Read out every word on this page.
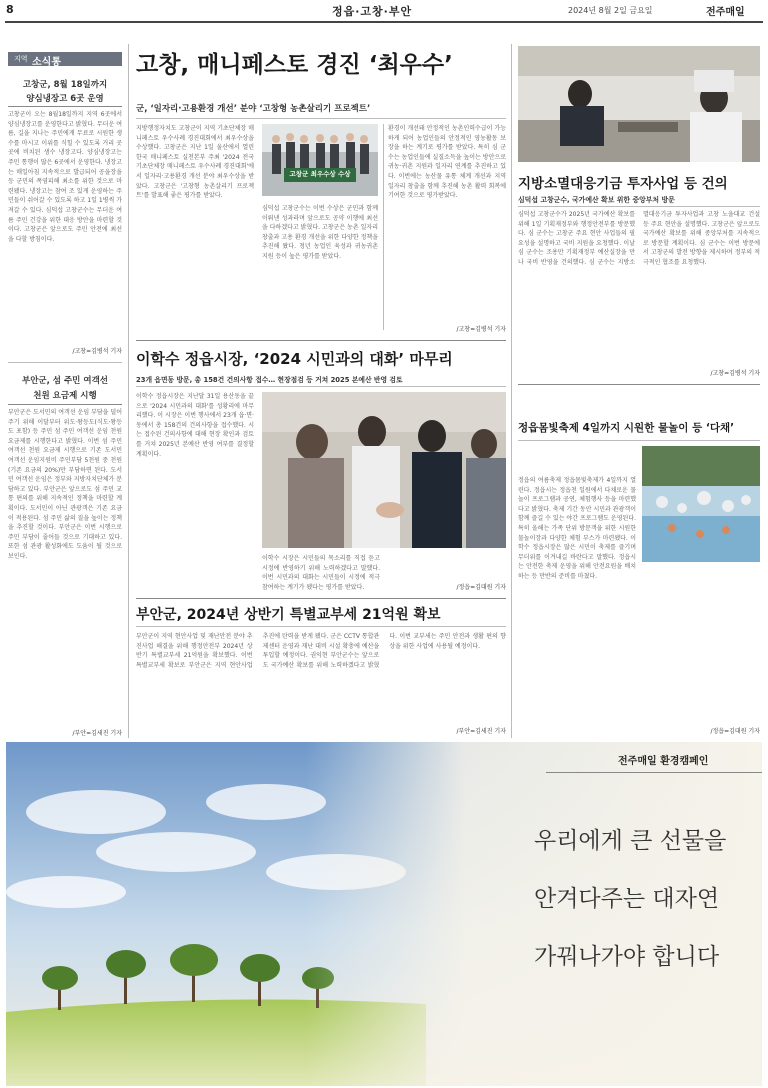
8	정읍·고창·부안	2024년 8월 2일 금요일	전주매일
지역 소식통
고창군, 8월 18일까지
양심냉장고 6곳 운영
고창군이 오는 8월18일까지 지역 6곳에서 양심냉장고를 운영한다고 밝혔다. 무더운 여름, 길을 지나는 주민에게 무료로 시원한 생수를 마시고 이위를 식힐 수 있도록 거리 곳곳에 비치된 생수 냉장고다. 양심냉장고는 주민 통행이 많은 6곳에서 운영한다. 냉장고는 매일아침 지속적으로 발급되어 공을장을 등 군민의 폭염피해 최소를 위한 것으로 마련됐다. 냉장고는 참여 조 있게 운영하는 주민들이 쉬어갈 수 있도록 하고 1일 1병씩 가져갈 수 있다. 심덕섭 고창군수는 무더운 여름 주민 건강을 위한 대응 방안을 마련할 것이다. 고창군은 앞으로도 주민 안전에 최선을 다할 방침이다.
/고창=김병석 기자
부안군, 섬 주민 여객선
천원 요금제 시행
부안군은 도서민의 여객선 운임 부담을 덜어주기 위해 이달부터 위도·왕등도(식도·왕등도 포함) 등 주민 섬 주민 여객선 운임 천원요금제를 시행한다고 밝혔다. 이번 섬 주민 여객선 천원 요금제 시행으로 기존 도서민 여객선 운임지원비 주민부담 5천원 중 천원(기존 요금의 20%)만 부담하면 된다. 도서민 여객선 운임은 정부와 지방자치단체가 분담하고 있다. 부안군은 앞으로도 섬 주민 교통 편의를 위해 지속적인 정책을 마련할 계획이다. 도서민이 아닌 관광객은 기존 요금이 적용된다. 섬 주민 삶의 질을 높이는 정책을 추진할 것이다. 부안군은 이번 시행으로 주민 부담이 줄어들 것으로 기대하고 있다. 또한 섬 관광 활성화에도 도움이 될 것으로 보인다.
/부안=김세진 기자
고창, 매니페스토 경진 ‘최우수’
군, ‘일자리·고용환경 개선’ 분야 ‘고창형 농촌살리기 프로젝트’
지방행정자치도 고창군이 지역 기초단체장 매니페스토 우수사례 경진대회에서 최우수상을 수상했다. 고창군은 지난 1일 울산에서 열린 한국 매니페스토 실천본부 주최 '2024 전국 기초단체장 매니페스토 우수사례 경진대회'에서 일자리·고용환경 개선 분야 최우수상을 받았다. 고창군은 '고창형 농촌살리기 프로젝트'를 발표해 좋은 평가를 받았다.
고창군 최우수상 수상
심덕섭 고창군수는 이번 수상은 군민과 함께 이뤄낸 성과라며 앞으로도 공약 이행에 최선을 다하겠다고 밝혔다. 고창군은 농촌 일자리 창출과 고용 환경 개선을 위한 다양한 정책을 추진해 왔다. 청년 농업인 육성과 귀농귀촌 지원 등이 높은 평가를 받았다.
환경이 개선돼 안정적인 농촌인력수급이 가능하게 되어 농업인들의 안정적인 영농활동 보장을 하는 계기로 평가를 받았다. 특히 심 군수는 농업인들에 실질소득을 높이는 방안으로 귀농·귀촌 지원과 일자리 연계를 추진하고 있다. 이번에는 농산물 유통 체계 개선과 지역 일자리 창출을 함께 추진해 농촌 활력 회복에 기여한 것으로 평가받았다.
/고창=김병석 기자
이학수 정읍시장, ‘2024 시민과의 대화’ 마무리
23개 읍면동 방문, 총 158건 건의사항 접수… 현장점검 등 거쳐 2025 본예산 반영 검토
이학수 정읍시장은 지난달 31일 용산동을 끝으로 '2024 시민과의 대화'를 성황리에 마무리했다. 이 시장은 이번 행사에서 23개 읍·면·동에서 총 158건의 건의사항을 접수했다. 시는 접수된 건의사항에 대해 현장 확인과 검토를 거쳐 2025년 본예산 반영 여부를 결정할 계획이다.
이학수 시장은 시민들의 목소리를 직접 듣고 시정에 반영하기 위해 노력하겠다고 말했다. 이번 시민과의 대화는 시민들이 시정에 적극 참여하는 계기가 됐다는 평가를 받았다.	/정읍=김대원 기자
부안군, 2024년 상반기 특별교부세 21억원 확보
부안군이 지역 현안사업 및 재난안전 분야 추진사업 해결을 위해 행정안전부 2024년 상반기 특별교부세 21억원을 확보했다. 이번 특별교부세 확보로 부안군은 지역 현안사업 추진에 탄력을 받게 됐다. 군은 CCTV 통합관제센터 운영과 재난 대비 시설 확충에 예산을 투입할 예정이다. 권익현 부안군수는 앞으로도 국가예산 확보를 위해 노력하겠다고 밝혔다. 이번 교부세는 주민 안전과 생활 편의 향상을 위한 사업에 사용될 예정이다.
/부안=김세진 기자
지방소멸대응기금 투자사업 등 건의
심덕섭 고창군수, 국가예산 확보 위한 중앙부처 방문
심덕섭 고창군수가 2025년 국가예산 확보를 위해 1일 기획재정부와 행정안전부를 방문했다. 심 군수는 고창군 주요 현안 사업들의 필요성을 설명하고 국비 지원을 요청했다. 이날 심 군수는 조용만 기획재정부 예산실장을 만나 국비 반영을 건의했다. 심 군수는 지방소멸대응기금 투자사업과 고창 노을대교 건설 등 주요 현안을 설명했다. 고창군은 앞으로도 국가예산 확보를 위해 중앙부처를 지속적으로 방문할 계획이다. 심 군수는 이번 방문에서 고창군의 발전 방향을 제시하며 정부의 적극적인 협조를 요청했다.
/고창=김병석 기자
정읍몸빛축제 4일까지 시원한 물놀이 등 ‘다채’
정읍의 여름축제 정읍몸빛축제가 4일까지 열린다. 정읍시는 정읍천 일원에서 다채로운 물놀이 프로그램과 공연, 체험행사 등을 마련했다고 밝혔다. 축제 기간 동안 시민과 관광객이 함께 즐길 수 있는 야간 프로그램도 운영된다. 특히 올해는 가족 단위 방문객을 위한 시원한 물놀이장과 다양한 체험 부스가 마련됐다. 이학수 정읍시장은 많은 시민이 축제를 즐기며 무더위를 이겨내길 바란다고 말했다. 정읍시는 안전한 축제 운영을 위해 안전요원을 배치하는 등 만반의 준비를 마쳤다.
/정읍=김대원 기자
전주매일 환경캠페인
우리에게 큰 선물을
안겨다주는 대자연
가꿔나가야 합니다
